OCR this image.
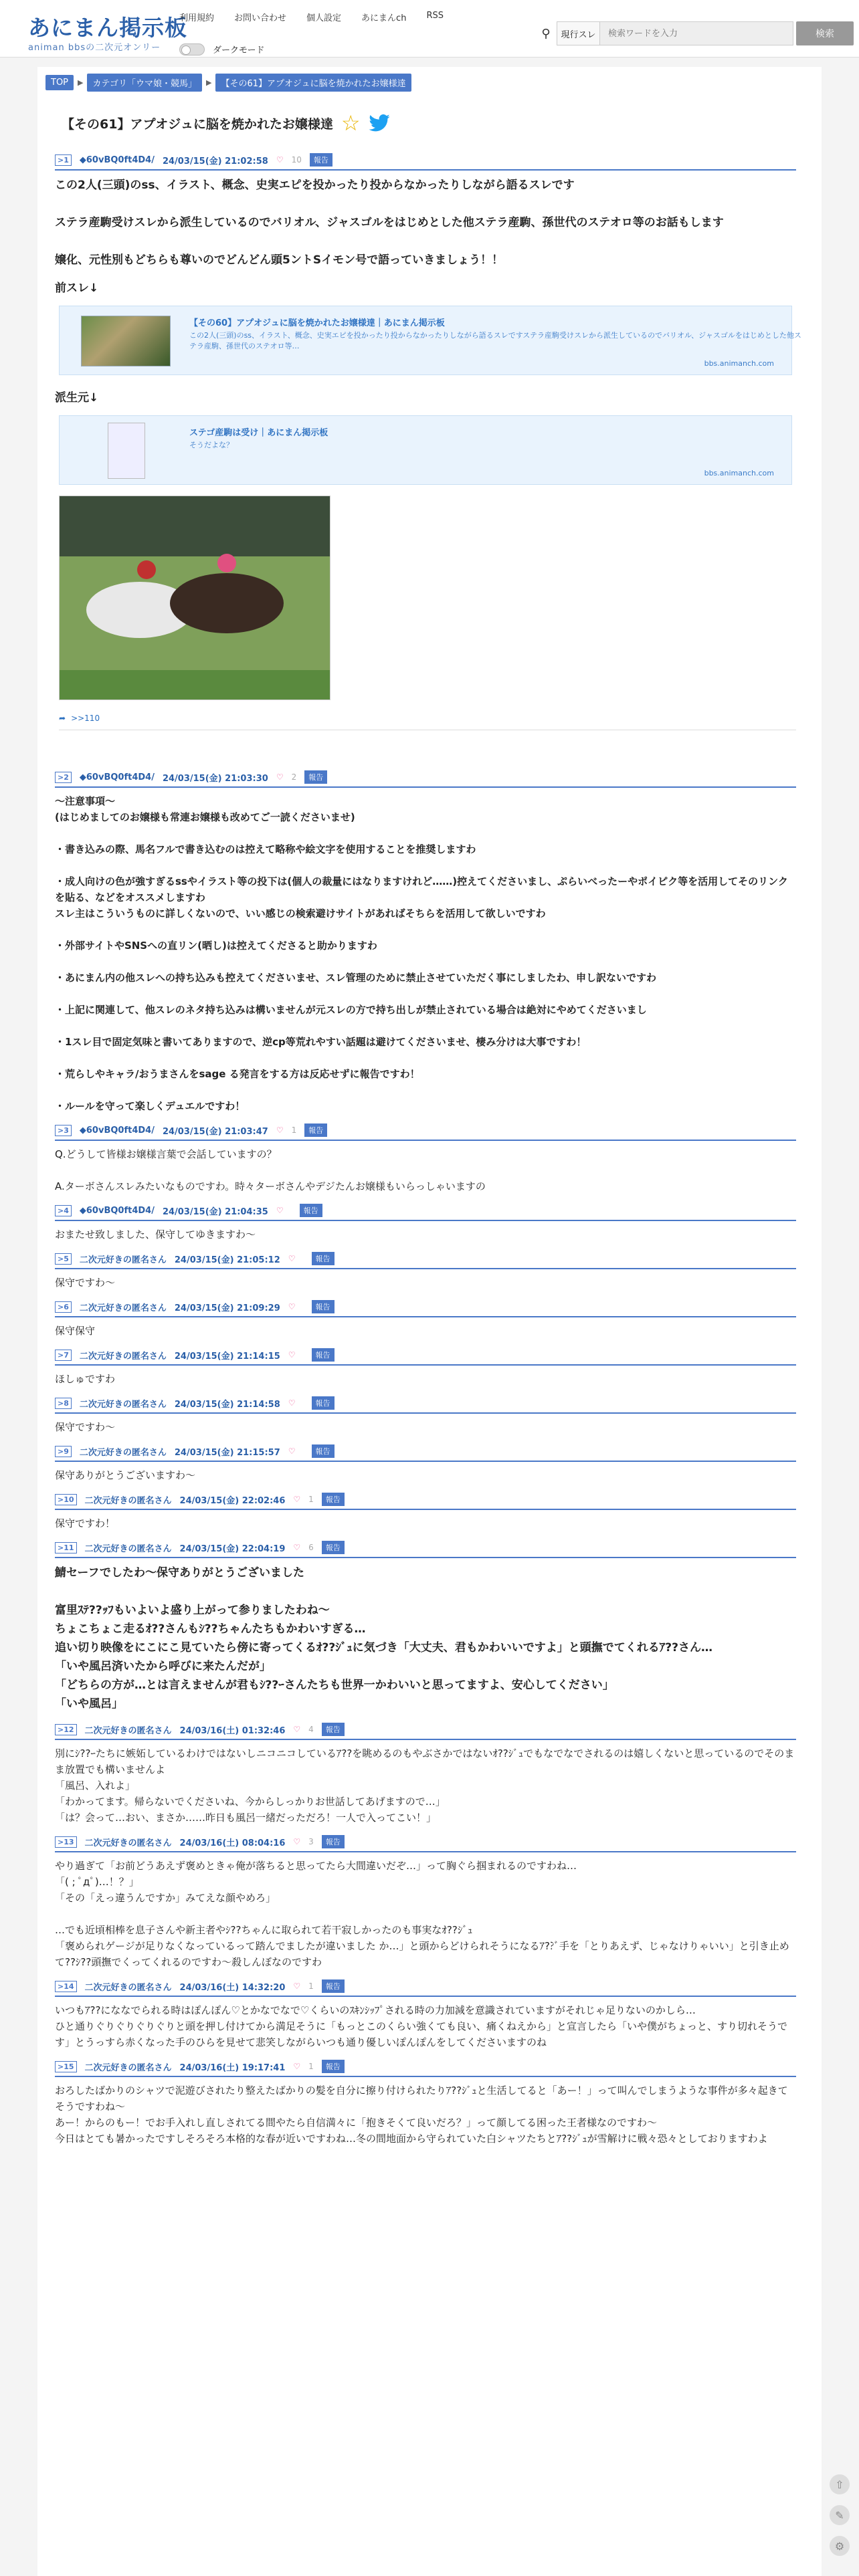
あにまん掲示板
animan bbsの二次元オンリー
利用規約 お問い合わせ 個人設定 あにまんch RSS
ダークモード
⚲	現行スレ
検索ワードを入力	検索
TOP	▶	カテゴリ「ウマ娘・競馬」	▶	【その61】アプオジュに脳を焼かれたお嬢様達
【その61】アプオジュに脳を焼かれたお嬢様達 ☆
>1	◆60vBQ0ft4D4/ 24/03/15(金) 21:02:58 ♡ 10	報告
この2人(三頭)のss、イラスト、概念、史実エピを投かったり投からなかったりしながら語るスレです

ステラ産駒受けスレから派生しているのでバリオル、ジャスゴルをはじめとした他ステラ産駒、孫世代のステオロ等のお話もします

嬢化、元性別もどちらも尊いのでどんどん頭5ントSイモン号で語っていきましょう！！
前スレ↓
【その60】アプオジュに脳を焼かれたお嬢様達｜あにまん掲示板
この2人(三頭)のss、イラスト、概念、史実エピを投かったり投からなかったりしながら語るスレですステラ産駒受けスレから派生しているのでバリオル、ジャスゴルをはじめとした他ステラ産駒、孫世代のステオロ等…
bbs.animanch.com
派生元↓
ステゴ産駒は受け｜あにまん掲示板
そうだよな？
bbs.animanch.com
➦ >>110
>2	◆60vBQ0ft4D4/ 24/03/15(金) 21:03:30 ♡ 2	報告
〜注意事項〜
(はじめましてのお嬢様も常連お嬢様も改めてご一読くださいませ)

・書き込みの際、馬名フルで書き込むのは控えて略称や絵文字を使用することを推奨しますわ

・成人向けの色が強すぎるssやイラスト等の投下は(個人の裁量にはなりますけれど……)控えてくださいまし、ぷらいべったーやポイピク等を活用してそのリンクを貼る、などをオススメしますわ
スレ主はこういうものに詳しくないので、いい感じの検索避けサイトがあればそちらを活用して欲しいですわ

・外部サイトやSNSへの直リン(晒し)は控えてくださると助かりますわ

・あにまん内の他スレへの持ち込みも控えてくださいませ、スレ管理のために禁止させていただく事にしましたわ、申し訳ないですわ

・上記に関連して、他スレのネタ持ち込みは構いませんが元スレの方で持ち出しが禁止されている場合は絶対にやめてくださいまし

・1スレ目で固定気味と書いてありますので、逆cp等荒れやすい話題は避けてくださいませ、棲み分けは大事ですわ！

・荒らしやキャラ/おうまさんをsage る発言をする方は反応せずに報告ですわ！

・ルールを守って楽しくデュエルですわ！
>3	◆60vBQ0ft4D4/ 24/03/15(金) 21:03:47 ♡ 1	報告
Q.どうして皆様お嬢様言葉で会話していますの？

A.ターボさんスレみたいなものですわ。時々ターボさんやデジたんお嬢様もいらっしゃいますの
>4	◆60vBQ0ft4D4/ 24/03/15(金) 21:04:35 ♡	報告
おまたせ致しました、保守してゆきますわ〜
>5	二次元好きの匿名さん 24/03/15(金) 21:05:12 ♡	報告
保守ですわ〜
>6	二次元好きの匿名さん 24/03/15(金) 21:09:29 ♡	報告
保守保守
>7	二次元好きの匿名さん 24/03/15(金) 21:14:15 ♡	報告
ほしゅですわ
>8	二次元好きの匿名さん 24/03/15(金) 21:14:58 ♡	報告
保守ですわ〜
>9	二次元好きの匿名さん 24/03/15(金) 21:15:57 ♡	報告
保守ありがとうございますわ〜
>10	二次元好きの匿名さん 24/03/15(金) 22:02:46 ♡ 1	報告
保守ですわ！
>11	二次元好きの匿名さん 24/03/15(金) 22:04:19 ♡ 6	報告
鯖セーフでしたわ〜保守ありがとうございました

富里ｽﾃ??ｯﾌもいよいよ盛り上がって参りましたわね〜
ちょこちょこ走るｵ??さんもｼ??ちゃんたちもかわいすぎる…
追い切り映像をにこにこ見ていたら傍に寄ってくるｵ??ｼﾞｭに気づき「大丈夫、君もかわいいですよ」と頭撫でてくれるｱ??さん…
「いや風呂済いたから呼びに来たんだが」
「どちらの方が…とは言えませんが君もｼ??ｰさんたちも世界一かわいいと思ってますよ、安心してください」
「いや風呂」
>12	二次元好きの匿名さん 24/03/16(土) 01:32:46 ♡ 4	報告
別にｼ??ｰたちに嫉妬しているわけではないしニコニコしているｱ??を眺めるのもやぶさかではないｵ??ｼﾞｭでもなでなでされるのは嬉しくないと思っているのでそのまま放置でも構いませんよ
「風呂、入れよ」
「わかってます。帰らないでくださいね、今からしっかりお世話してあげますので…」
「は？会って…おい、まさか……昨日も風呂一緒だっただろ！一人で入ってこい！」
>13	二次元好きの匿名さん 24/03/16(土) 08:04:16 ♡ 3	報告
やり過ぎて「お前どうあえず褒めときゃ俺が落ちると思ってたら大間違いだぞ…」って胸ぐら掴まれるのですわね…
「( ; ﾟдﾟ)…！？」
「その「えっ違うんですか」みてえな顔やめろ」

…でも近頃相棒を息子さんや新主者やｼ??ちゃんに取られて若干寂しかったのも事実なｵ??ｼﾞｭ
「褒められゲージが足りなくなっているって踏んでましたが違いました か…」と頭からどけられそうになるｱ??ﾞ手を「とりあえず、じゃなけりゃいい」と引き止めて??ｼ??頭撫でくってくれるのですわ〜殺しんぼなのですわ
>14	二次元好きの匿名さん 24/03/16(土) 14:32:20 ♡ 1	報告
いつもｱ??にななでられる時はぽんぽん♡とかなでなで♡くらいのｽｷﾝｼｯﾌﾟされる時の力加減を意識されていますがそれじゃ足りないのかしら…
ひと通りぐりぐりぐりぐりと頭を押し付けてから満足そうに「もっとこのくらい強くても良い、痛くねえから」と宣言したら「いや僕がちょっと、すり切れそうです」とうっすら赤くなった手のひらを見せて悲笑しながらいつも通り優しいぽんぽんをしてくださいますのね
>15	二次元好きの匿名さん 24/03/16(土) 19:17:41 ♡ 1	報告
おろしたばかりのシャツで泥遊びされたり整えたばかりの髪を自分に擦り付けられたりｱ??ｼﾞｭと生活してると「あー！」って叫んでしまうような事件が多々起きてそうですわね〜
あー！からのもー！でお手入れし直しされてる間やたら自信満々に「抱きそくて良いだろ？」って顔してる困った王者様なのですわ〜
今日はとても暑かったですしそろそろ本格的な春が近いですわね…冬の間地面から守られていた白シャツたちとｱ??ｼﾞｭが雪解けに戦々恐々としておりますわよ
⇧
✎
⚙
